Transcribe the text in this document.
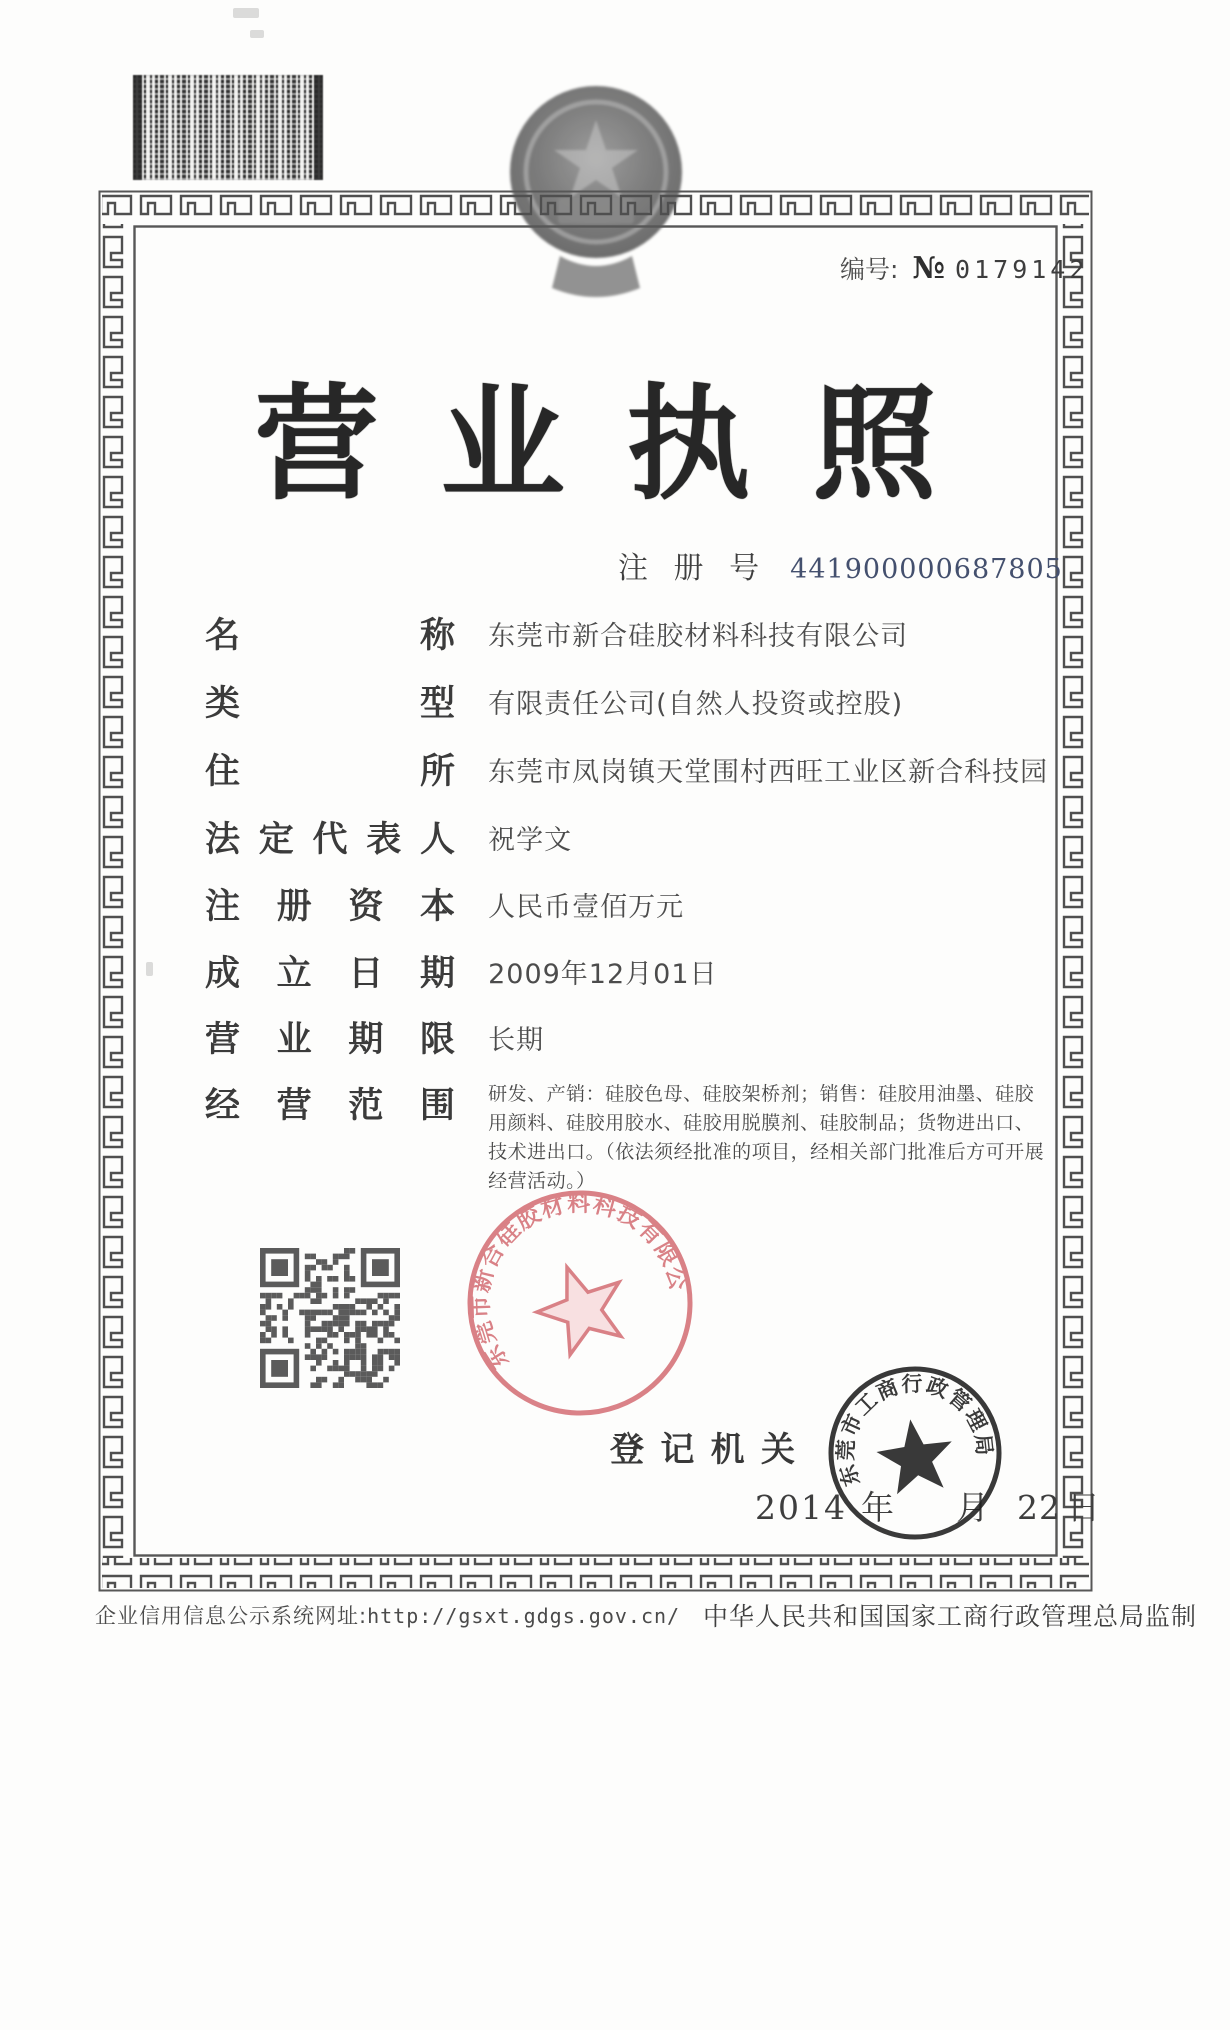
编号: № 0179142
营 业 执 照
注 册 号 441900000687805
名	称 东莞市新合硅胶材料科技有限公司
类	型 有限责任公司(自然人投资或控股)
住	所 东莞市凤岗镇天堂围村西旺工业区新合科技园
法 定 代 表 人 祝学文
注 册 资 本 人民币壹佰万元
成 立 日 期 2009年12月01日
营 业 期 限 长期
经 营 范 围 研发、产销：硅胶色母、硅胶架桥剂；销售：硅胶用油墨、硅胶用颜料、硅胶用胶水、硅胶用脱膜剂、硅胶制品；货物进出口、技术进出口。（依法须经批准的项目，经相关部门批准后方可开展经营活动。）
东莞市新合硅胶材料科技有限公司
登 记 机 关
2014 年 月 22 日
东莞市工商行政管理局
企业信用信息公示系统网址:http://gsxt.gdgs.gov.cn/ 中华人民共和国国家工商行政管理总局监制
